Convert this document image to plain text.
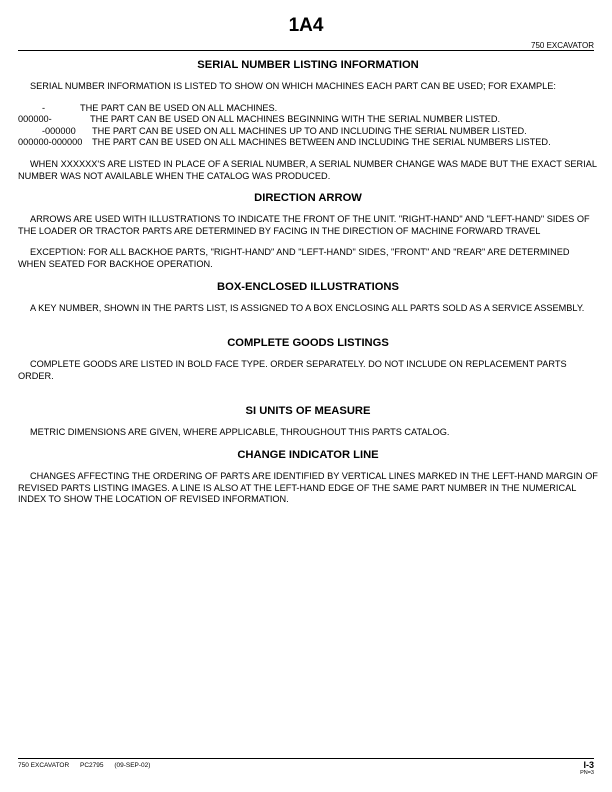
1A4
750 EXCAVATOR
SERIAL NUMBER LISTING INFORMATION

SERIAL NUMBER INFORMATION IS LISTED TO SHOW ON WHICH MACHINES EACH PART CAN BE USED; FOR EXAMPLE:

-	THE PART CAN BE USED ON ALL MACHINES.
000000-	THE PART CAN BE USED ON ALL MACHINES BEGINNING WITH THE SERIAL NUMBER LISTED.
-000000	THE PART CAN BE USED ON ALL MACHINES UP TO AND INCLUDING THE SERIAL NUMBER LISTED.
000000-000000	THE PART CAN BE USED ON ALL MACHINES BETWEEN AND INCLUDING THE SERIAL NUMBERS LISTED.

WHEN XXXXXX'S ARE LISTED IN PLACE OF A SERIAL NUMBER, A SERIAL NUMBER CHANGE WAS MADE BUT THE EXACT SERIAL NUMBER WAS NOT AVAILABLE WHEN THE CATALOG WAS PRODUCED.

DIRECTION ARROW

ARROWS ARE USED WITH ILLUSTRATIONS TO INDICATE THE FRONT OF THE UNIT. "RIGHT-HAND" AND "LEFT-HAND" SIDES OF THE LOADER OR TRACTOR PARTS ARE DETERMINED BY FACING IN THE DIRECTION OF MACHINE FORWARD TRAVEL

EXCEPTION: FOR ALL BACKHOE PARTS, "RIGHT-HAND" AND "LEFT-HAND" SIDES, "FRONT" AND "REAR" ARE DETERMINED WHEN SEATED FOR BACKHOE OPERATION.

BOX-ENCLOSED ILLUSTRATIONS

A KEY NUMBER, SHOWN IN THE PARTS LIST, IS ASSIGNED TO A BOX ENCLOSING ALL PARTS SOLD AS A SERVICE ASSEMBLY.

COMPLETE GOODS LISTINGS

COMPLETE GOODS ARE LISTED IN BOLD FACE TYPE. ORDER SEPARATELY. DO NOT INCLUDE ON REPLACEMENT PARTS ORDER.

SI UNITS OF MEASURE

METRIC DIMENSIONS ARE GIVEN, WHERE APPLICABLE, THROUGHOUT THIS PARTS CATALOG.

CHANGE INDICATOR LINE

CHANGES AFFECTING THE ORDERING OF PARTS ARE IDENTIFIED BY VERTICAL LINES MARKED IN THE LEFT-HAND MARGIN OF REVISED PARTS LISTING IMAGES. A LINE IS ALSO AT THE LEFT-HAND EDGE OF THE SAME PART NUMBER IN THE NUMERICAL INDEX TO SHOW THE LOCATION OF REVISED INFORMATION.

750 EXCAVATOR PC2795 (09-SEP-02)	I-3
PN=3
